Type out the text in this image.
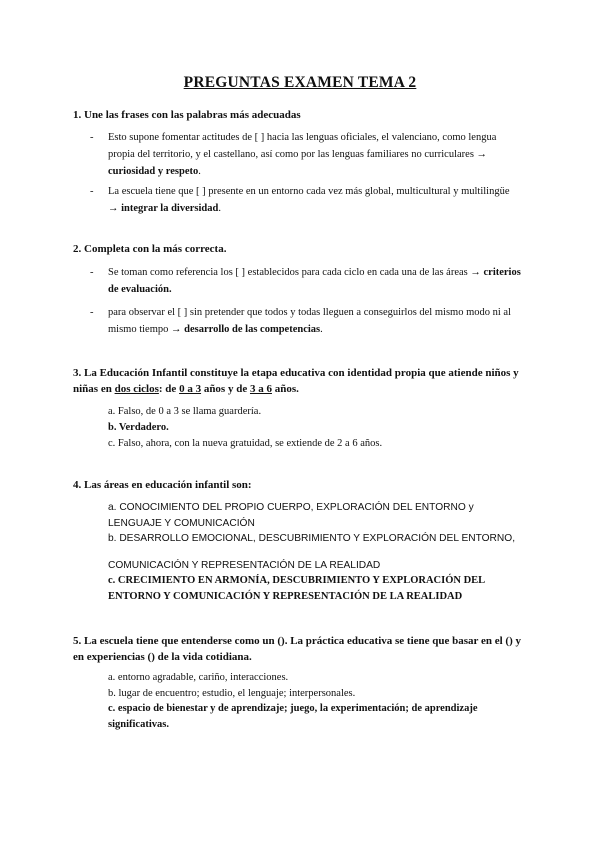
PREGUNTAS EXAMEN TEMA 2
1. Une las frases con las palabras más adecuadas
- Esto supone fomentar actitudes de [ ] hacia las lenguas oficiales, el valenciano, como lengua propia del territorio, y el castellano, así como por las lenguas familiares no curriculares → curiosidad y respeto.
- La escuela tiene que [ ] presente en un entorno cada vez más global, multicultural y multilingüe → integrar la diversidad.
2. Completa con la más correcta.
- Se toman como referencia los [ ] establecidos para cada ciclo en cada una de las áreas → criterios de evaluación.
- para observar el [ ] sin pretender que todos y todas lleguen a conseguirlos del mismo modo ni al mismo tiempo → desarrollo de las competencias.
3. La Educación Infantil constituye la etapa educativa con identidad propia que atiende niños y niñas en dos ciclos: de 0 a 3 años y de 3 a 6 años.
a. Falso, de 0 a 3 se llama guardería.
b. Verdadero.
c. Falso, ahora, con la nueva gratuidad, se extiende de 2 a 6 años.
4. Las áreas en educación infantil son:
a. CONOCIMIENTO DEL PROPIO CUERPO, EXPLORACIÓN DEL ENTORNO y LENGUAJE Y COMUNICACIÓN
b. DESARROLLO EMOCIONAL, DESCUBRIMIENTO Y EXPLORACIÓN DEL ENTORNO,
COMUNICACIÓN Y REPRESENTACIÓN DE LA REALIDAD
c. CRECIMIENTO EN ARMONÍA, DESCUBRIMIENTO Y EXPLORACIÓN DEL ENTORNO Y COMUNICACIÓN Y REPRESENTACIÓN DE LA REALIDAD
5. La escuela tiene que entenderse como un (). La práctica educativa se tiene que basar en el () y en experiencias () de la vida cotidiana.
a. entorno agradable, cariño, interacciones.
b. lugar de encuentro; estudio, el lenguaje; interpersonales.
c. espacio de bienestar y de aprendizaje; juego, la experimentación; de aprendizaje significativas.
